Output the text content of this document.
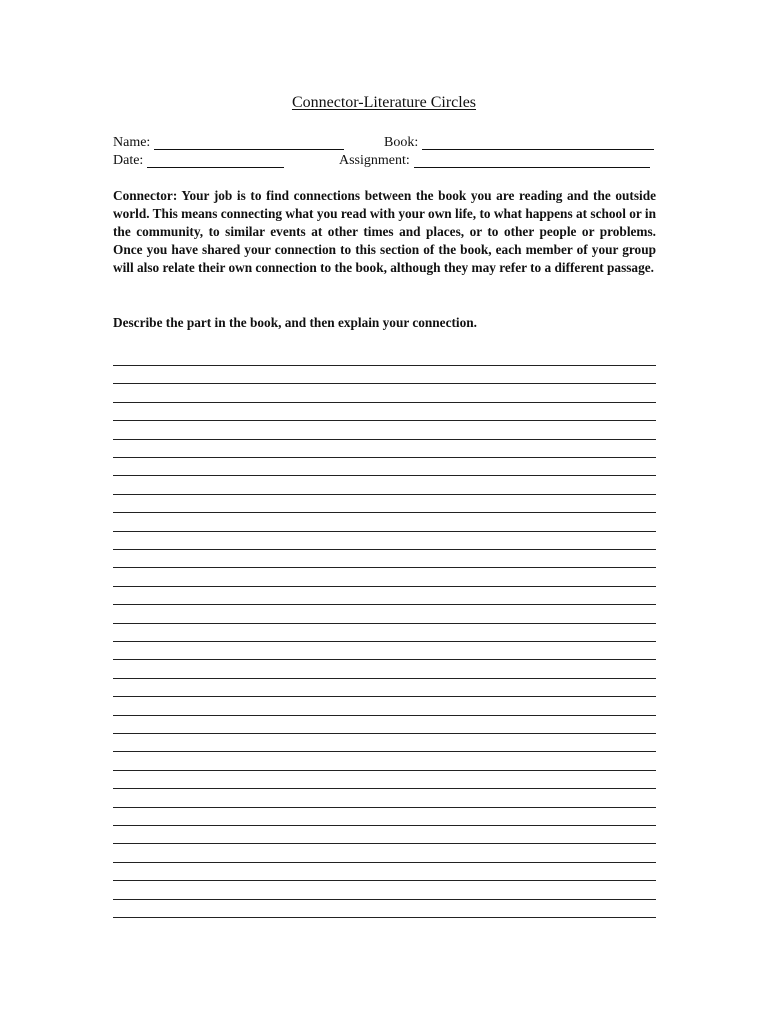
Connector-Literature Circles
Name:	Book:
Date:	Assignment:
Connector: Your job is to find connections between the book you are reading and the outside world. This means connecting what you read with your own life, to what happens at school or in the community, to similar events at other times and places, or to other people or problems. Once you have shared your connection to this section of the book, each member of your group will also relate their own connection to the book, although they may refer to a different passage.
Describe the part in the book, and then explain your connection.
